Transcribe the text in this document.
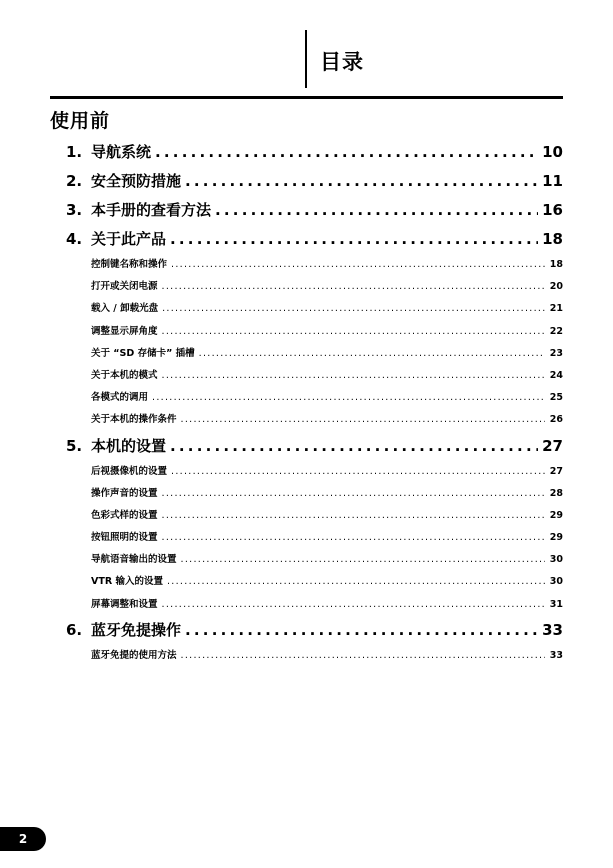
目录
使用前
1. 导航系统 .....	10
2. 安全预防措施 .....	11
3. 本手册的查看方法 .....	16
4. 关于此产品 .....	18
控制键名称和操作 .....	18
打开或关闭电源 .....	20
载入 / 卸载光盘 .....	21
调整显示屏角度 .....	22
关于 “SD 存储卡” 插槽 .....	23
关于本机的模式 .....	24
各模式的调用 .....	25
关于本机的操作条件 .....	26
5. 本机的设置 .....	27
后视摄像机的设置 .....	27
操作声音的设置 .....	28
色彩式样的设置 .....	29
按钮照明的设置 .....	29
导航语音输出的设置 .....	30
VTR 输入的设置 .....	30
屏幕调整和设置 .....	31
6. 蓝牙免提操作 .....	33
蓝牙免提的使用方法 .....	33
2
